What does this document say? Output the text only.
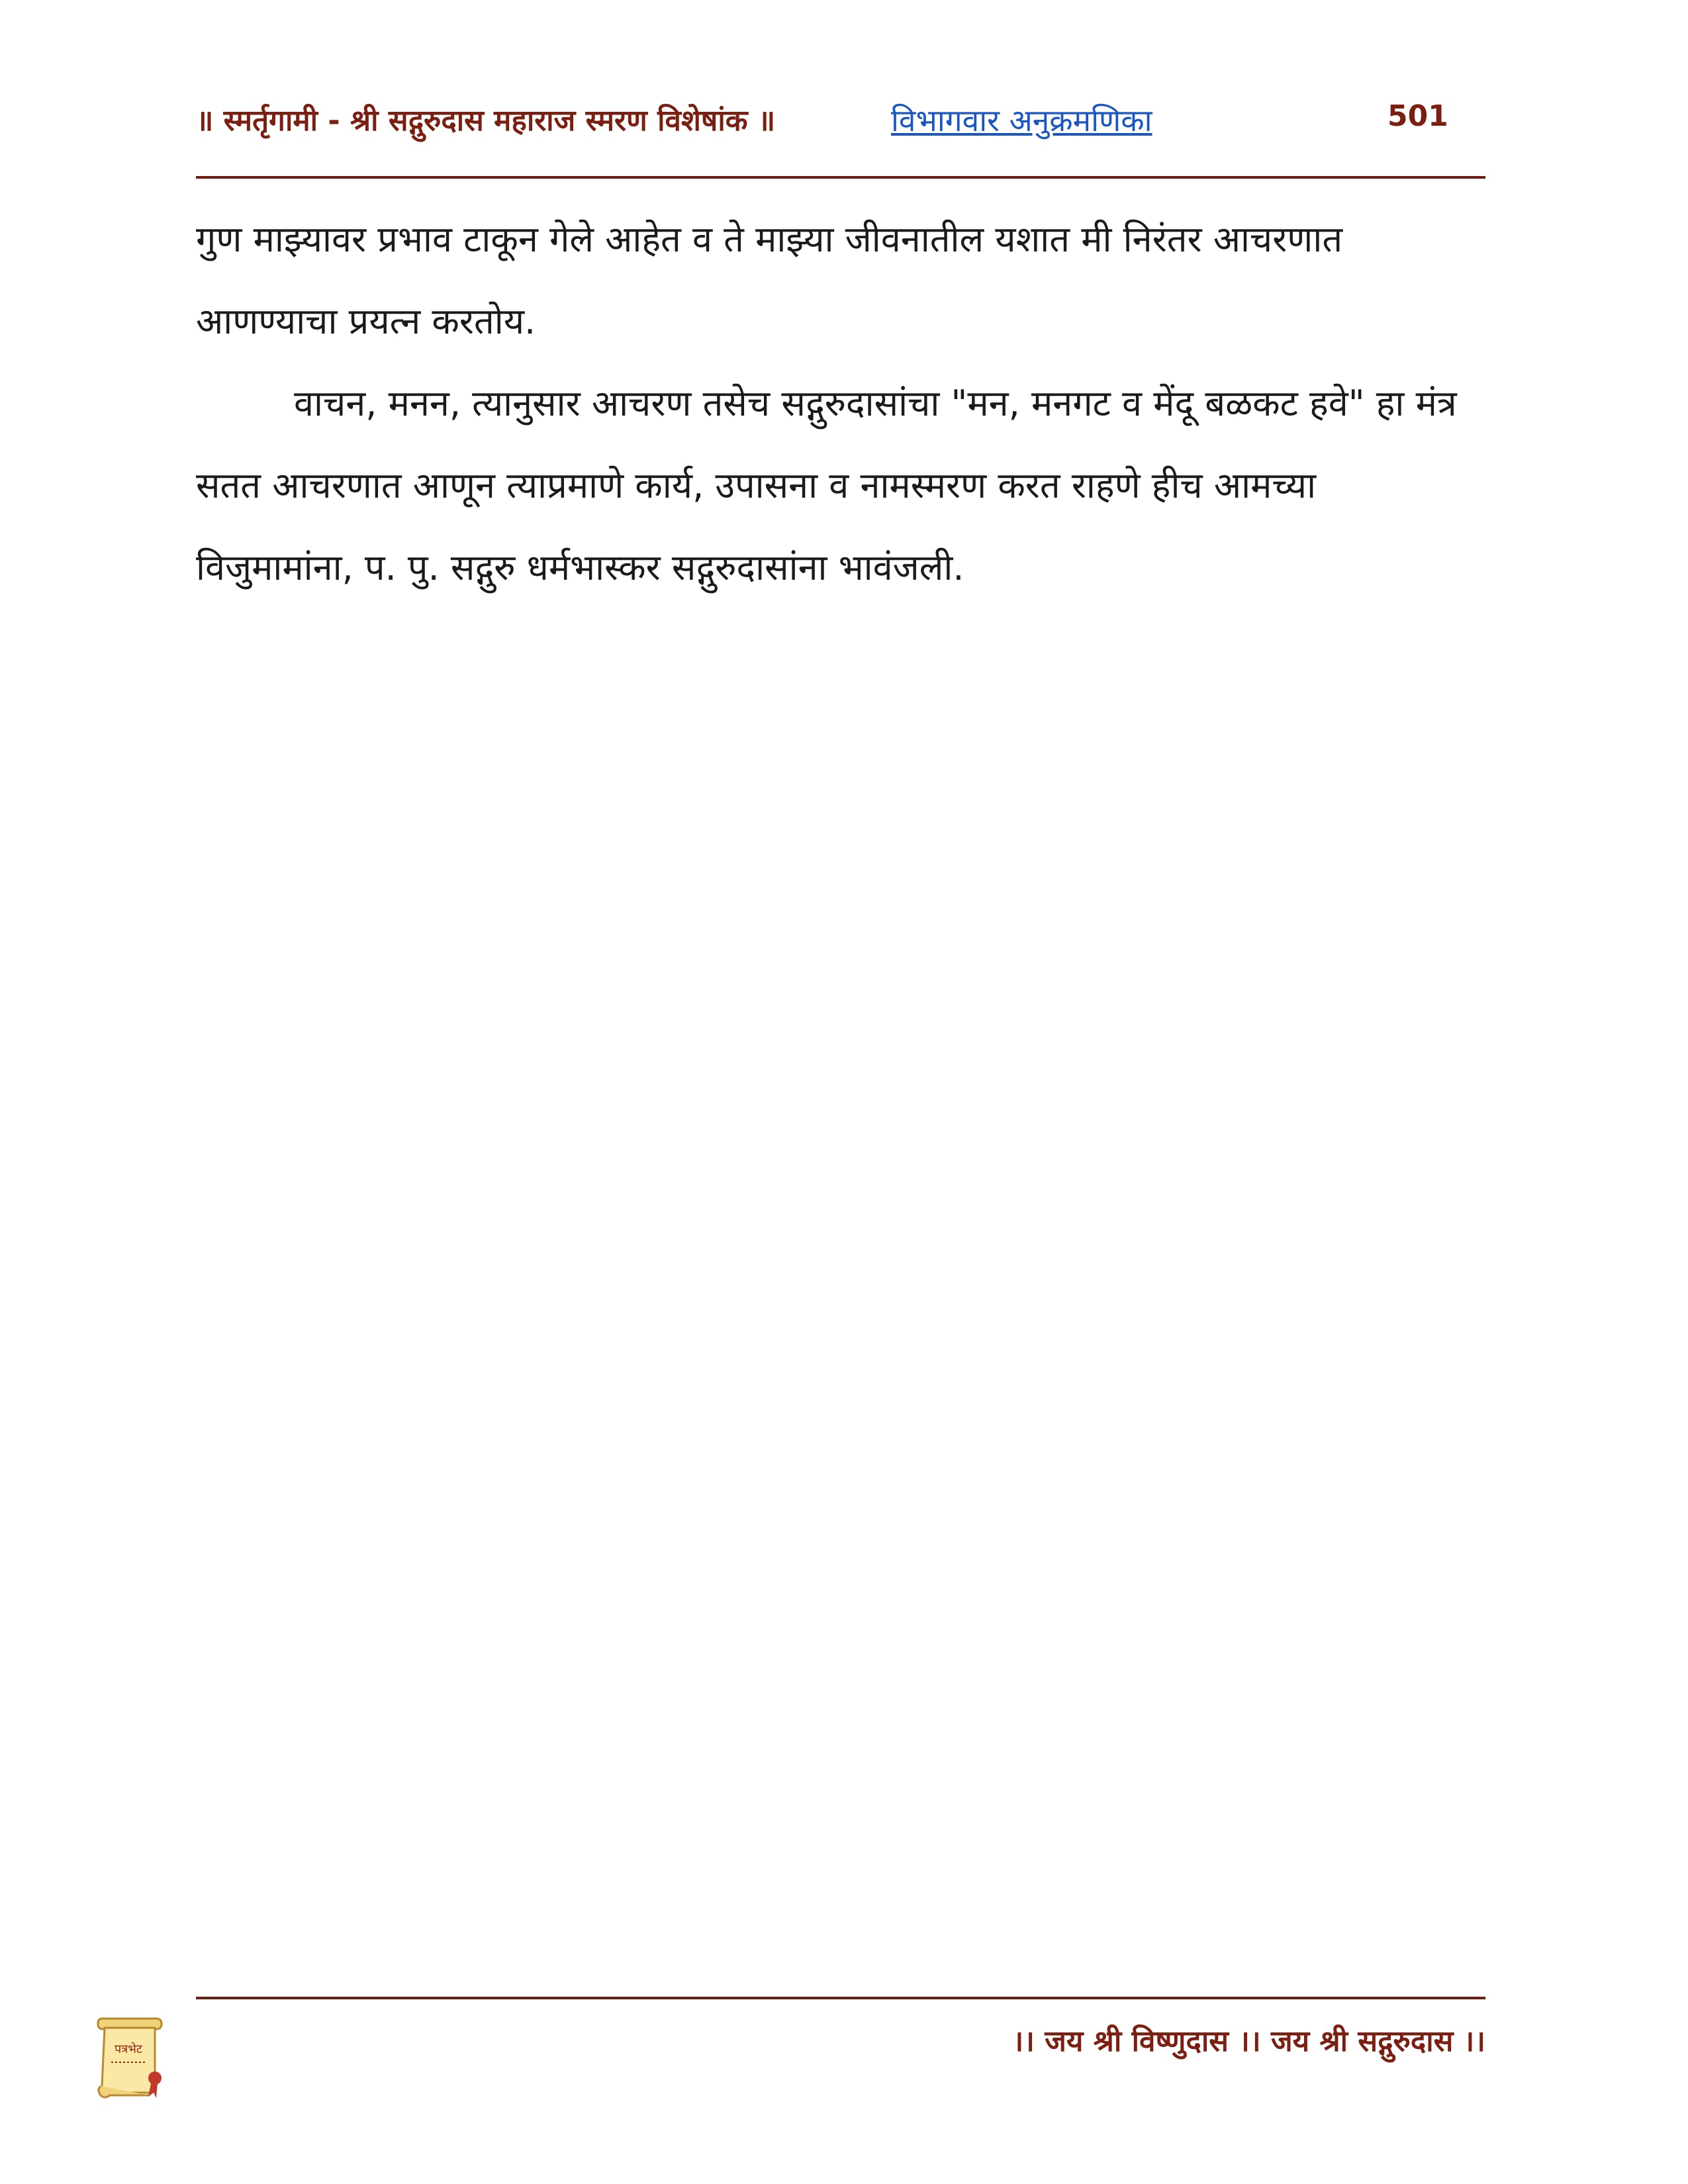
॥ स्मर्तृगामी - श्री सद्गुरुदास महाराज स्मरण विशेषांक ॥	विभागवार अनुक्रमणिका	501

गुण माझ्यावर प्रभाव टाकून गेले आहेत व ते माझ्या जीवनातील यशात मी निरंतर आचरणात आणण्याचा प्रयत्न करतोय.

वाचन, मनन, त्यानुसार आचरण तसेच सद्गुरुदासांचा "मन, मनगट व मेंदू बळकट हवे" हा मंत्र सतत आचरणात आणून त्याप्रमाणे कार्य, उपासना व नामस्मरण करत राहणे हीच आमच्या विजुमामांना, प. पु. सद्गुरु धर्मभास्कर सद्गुरुदासांना भावंजली.

पत्रभेट	।। जय श्री विष्णुदास ।। जय श्री सद्गुरुदास ।।
